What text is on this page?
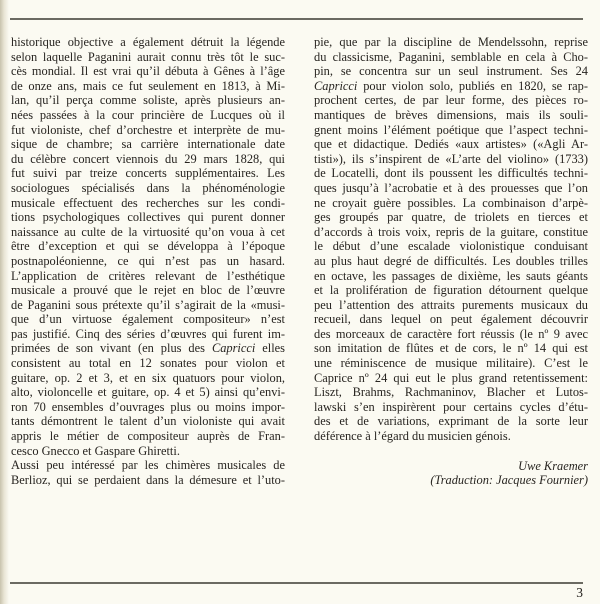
historique objective a également détruit la légende
selon laquelle Paganini aurait connu très tôt le suc-
cès mondial. Il est vrai qu’il débuta à Gênes à l’âge
de onze ans, mais ce fut seulement en 1813, à Mi-
lan, qu’il perça comme soliste, après plusieurs an-
nées passées à la cour princière de Lucques où il
fut violoniste, chef d’orchestre et interprète de mu-
sique de chambre; sa carrière internationale date
du célèbre concert viennois du 29 mars 1828, qui
fut suivi par treize concerts supplémentaires. Les
sociologues spécialisés dans la phénoménologie
musicale effectuent des recherches sur les condi-
tions psychologiques collectives qui purent donner
naissance au culte de la virtuosité qu’on voua à cet
être d’exception et qui se développa à l’époque
postnapoléonienne, ce qui n’est pas un hasard.
L’application de critères relevant de l’esthétique
musicale a prouvé que le rejet en bloc de l’œuvre
de Paganini sous prétexte qu’il s’agirait de la «musi-
que d’un virtuose également compositeur» n’est
pas justifié. Cinq des séries d’œuvres qui furent im-
primées de son vivant (en plus des Capricci elles
consistent au total en 12 sonates pour violon et
guitare, op. 2 et 3, et en six quatuors pour violon,
alto, violoncelle et guitare, op. 4 et 5) ainsi qu’envi-
ron 70 ensembles d’ouvrages plus ou moins impor-
tants démontrent le talent d’un violoniste qui avait
appris le métier de compositeur auprès de Fran-
cesco Gnecco et Gaspare Ghiretti.
Aussi peu intéressé par les chimères musicales de
Berlioz, qui se perdaient dans la démesure et l’uto-
pie, que par la discipline de Mendelssohn, reprise
du classicisme, Paganini, semblable en cela à Cho-
pin, se concentra sur un seul instrument. Ses 24
Capricci pour violon solo, publiés en 1820, se rap-
prochent certes, de par leur forme, des pièces ro-
mantiques de brèves dimensions, mais ils souli-
gnent moins l’élément poétique que l’aspect techni-
que et didactique. Dediés «aux artistes» («Agli Ar-
tisti»), ils s’inspirent de «L’arte del violino» (1733)
de Locatelli, dont ils poussent les difficultés techni-
ques jusqu’à l’acrobatie et à des prouesses que l’on
ne croyait guère possibles. La combinaison d’arpè-
ges groupés par quatre, de triolets en tierces et
d’accords à trois voix, repris de la guitare, constitue
le début d’une escalade violonistique conduisant
au plus haut degré de difficultés. Les doubles trilles
en octave, les passages de dixième, les sauts géants
et la prolifération de figuration détournent quelque
peu l’attention des attraits purements musicaux du
recueil, dans lequel on peut également découvrir
des morceaux de caractère fort réussis (le nº 9 avec
son imitation de flûtes et de cors, le nº 14 qui est
une réminiscence de musique militaire). C’est le
Caprice nº 24 qui eut le plus grand retentissement:
Liszt, Brahms, Rachmaninov, Blacher et Lutos-
lawski s’en inspirèrent pour certains cycles d’étu-
des et de variations, exprimant de la sorte leur
déférence à l’égard du musicien génois.
Uwe Kraemer
(Traduction: Jacques Fournier)
3
